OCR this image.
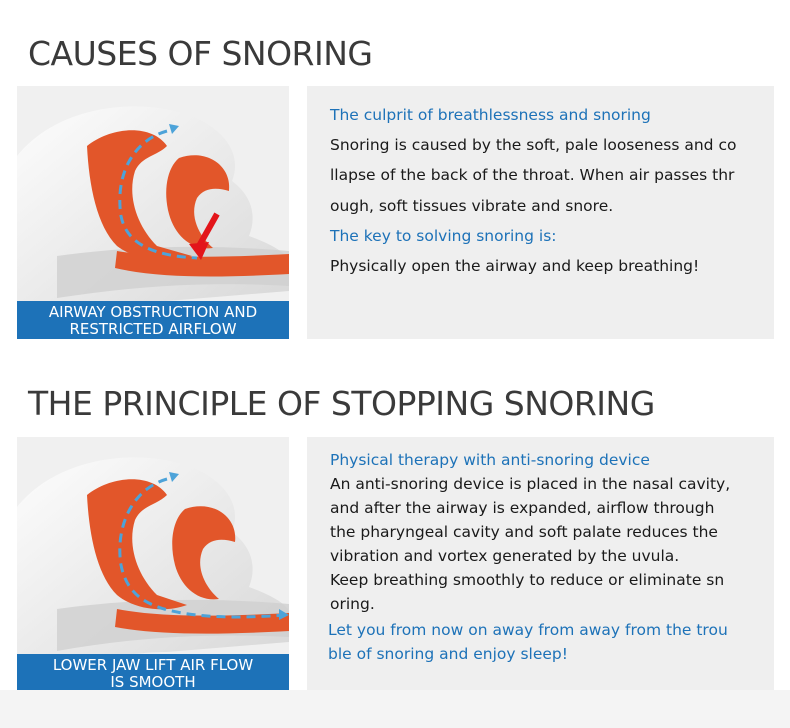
CAUSES OF SNORING
AIRWAY OBSTRUCTION AND
RESTRICTED AIRFLOW
The culprit of breathlessness and snoring
Snoring is caused by the soft, pale looseness and co
llapse of the back of the throat. When air passes thr
ough, soft tissues vibrate and snore.
The key to solving snoring is:
Physically open the airway and keep breathing!
THE PRINCIPLE OF STOPPING SNORING
LOWER JAW LIFT AIR FLOW
IS SMOOTH
Physical therapy with anti-snoring device
An anti-snoring device is placed in the nasal cavity,
and after the airway is expanded, airflow through
the pharyngeal cavity and soft palate reduces the
vibration and vortex generated by the uvula.
Keep breathing smoothly to reduce or eliminate sn
oring.
Let you from now on away from away from the trou
ble of snoring and enjoy sleep!
